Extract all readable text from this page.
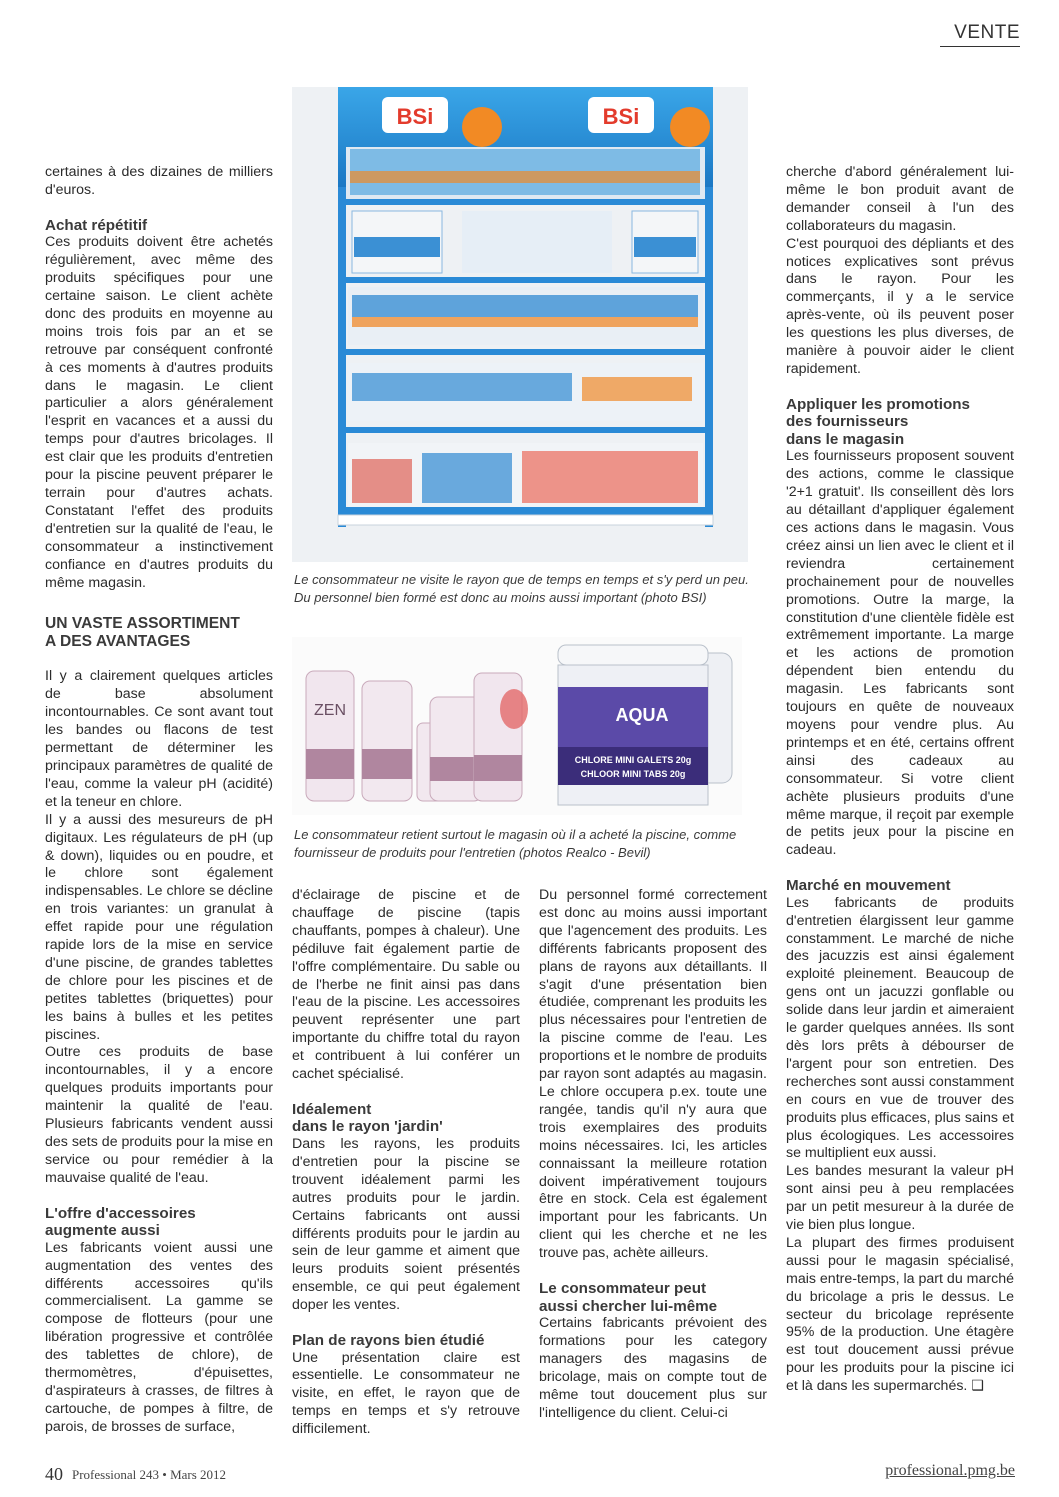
VENTE

certaines à des dizaines de milliers d'euros.

Achat répétitif

Ces produits doivent être achetés régulièrement, avec même des produits spécifiques pour une certaine saison. Le client achète donc des produits en moyenne au moins trois fois par an et se retrouve par conséquent confronté à ces moments à d'autres produits dans le magasin. Le client particulier a alors généralement l'esprit en vacances et a aussi du temps pour d'autres bricolages. Il est clair que les produits d'entretien pour la piscine peuvent préparer le terrain pour d'autres achats. Constatant l'effet des produits d'entretien sur la qualité de l'eau, le consommateur a instinctivement confiance en d'autres produits du même magasin.

UN VASTE ASSORTIMENT
A DES AVANTAGES

Il y a clairement quelques articles de base absolument incontournables. Ce sont avant tout les bandes ou flacons de test permettant de déterminer les principaux paramètres de qualité de l'eau, comme la valeur pH (acidité) et la teneur en chlore.

Il y a aussi des mesureurs de pH digitaux. Les régulateurs de pH (up & down), liquides ou en poudre, et le chlore sont également indispensables. Le chlore se décline en trois variantes: un granulat à effet rapide pour une régulation rapide lors de la mise en service d'une piscine, de grandes tablettes de chlore pour les piscines et de petites tablettes (briquettes) pour les bains à bulles et les petites piscines.

Outre ces produits de base incontournables, il y a encore quelques produits importants pour maintenir la qualité de l'eau. Plusieurs fabricants vendent aussi des sets de produits pour la mise en service ou pour remédier à la mauvaise qualité de l'eau.

L'offre d'accessoires
augmente aussi

Les fabricants voient aussi une augmentation des ventes des différents accessoires qu'ils commercialisent. La gamme se compose de flotteurs (pour une libération progressive et contrôlée des tablettes de chlore), de thermomètres, d'épuisettes, d'aspirateurs à crasses, de filtres à cartouche, de pompes à filtre, de parois, de brosses de surface,

BSi	BSi
Le consommateur ne visite le rayon que de temps en temps et s'y perd un peu.
Du personnel bien formé est donc au moins aussi important (photo BSI)
ZEN	AQUA
CHLORE MINI GALETS 20g
CHLOOR MINI TABS 20g
Le consommateur retient surtout le magasin où il a acheté la piscine, comme
fournisseur de produits pour l'entretien (photos Realco - Bevil)

d'éclairage de piscine et de chauffage de piscine (tapis chauffants, pompes à chaleur). Une pédiluve fait également partie de l'offre complémentaire. Du sable ou de l'herbe ne finit ainsi pas dans l'eau de la piscine. Les accessoires peuvent représenter une part importante du chiffre total du rayon et contribuent à lui conférer un cachet spécialisé.

Idéalement
dans le rayon 'jardin'

Dans les rayons, les produits d'entretien pour la piscine se trouvent idéalement parmi les autres produits pour le jardin. Certains fabricants ont aussi différents produits pour le jardin au sein de leur gamme et aiment que leurs produits soient présentés ensemble, ce qui peut également doper les ventes.

Plan de rayons bien étudié

Une présentation claire est essentielle. Le consommateur ne visite, en effet, le rayon que de temps en temps et s'y retrouve difficilement.

Du personnel formé correctement est donc au moins aussi important que l'agencement des produits. Les différents fabricants proposent des plans de rayons aux détaillants. Il s'agit d'une présentation bien étudiée, comprenant les produits les plus nécessaires pour l'entretien de la piscine comme de l'eau. Les proportions et le nombre de produits par rayon sont adaptés au magasin. Le chlore occupera p.ex. toute une rangée, tandis qu'il n'y aura que trois exemplaires des produits moins nécessaires. Ici, les articles connaissant la meilleure rotation doivent impérativement toujours être en stock. Cela est également important pour les fabricants. Un client qui les cherche et ne les trouve pas, achète ailleurs.

Le consommateur peut
aussi chercher lui-même

Certains fabricants prévoient des formations pour les category managers des magasins de bricolage, mais on compte tout de même tout doucement plus sur l'intelligence du client. Celui-ci

cherche d'abord généralement lui-même le bon produit avant de demander conseil à l'un des collaborateurs du magasin.

C'est pourquoi des dépliants et des notices explicatives sont prévus dans le rayon. Pour les commerçants, il y a le service après-vente, où ils peuvent poser les questions les plus diverses, de manière à pouvoir aider le client rapidement.

Appliquer les promotions
des fournisseurs
dans le magasin

Les fournisseurs proposent souvent des actions, comme le classique '2+1 gratuit'. Ils conseillent dès lors au détaillant d'appliquer également ces actions dans le magasin. Vous créez ainsi un lien avec le client et il reviendra certainement prochainement pour de nouvelles promotions. Outre la marge, la constitution d'une clientèle fidèle est extrêmement importante. La marge et les actions de promotion dépendent bien entendu du magasin. Les fabricants sont toujours en quête de nouveaux moyens pour vendre plus. Au printemps et en été, certains offrent ainsi des cadeaux au consommateur. Si votre client achète plusieurs produits d'une même marque, il reçoit par exemple de petits jeux pour la piscine en cadeau.

Marché en mouvement

Les fabricants de produits d'entretien élargissent leur gamme constamment. Le marché de niche des jacuzzis est ainsi également exploité pleinement. Beaucoup de gens ont un jacuzzi gonflable ou solide dans leur jardin et aimeraient le garder quelques années. Ils sont dès lors prêts à débourser de l'argent pour son entretien. Des recherches sont aussi constamment en cours en vue de trouver des produits plus efficaces, plus sains et plus écologiques. Les accessoires se multiplient eux aussi.

Les bandes mesurant la valeur pH sont ainsi peu à peu remplacées par un petit mesureur à la durée de vie bien plus longue.

La plupart des firmes produisent aussi pour le magasin spécialisé, mais entre-temps, la part du marché du bricolage a pris le dessus. Le secteur du bricolage représente 95% de la production. Une étagère est tout doucement aussi prévue pour les produits pour la piscine ici et là dans les supermarchés. ❑

40 Professional 243 • Mars 2012	professional.pmg.be
